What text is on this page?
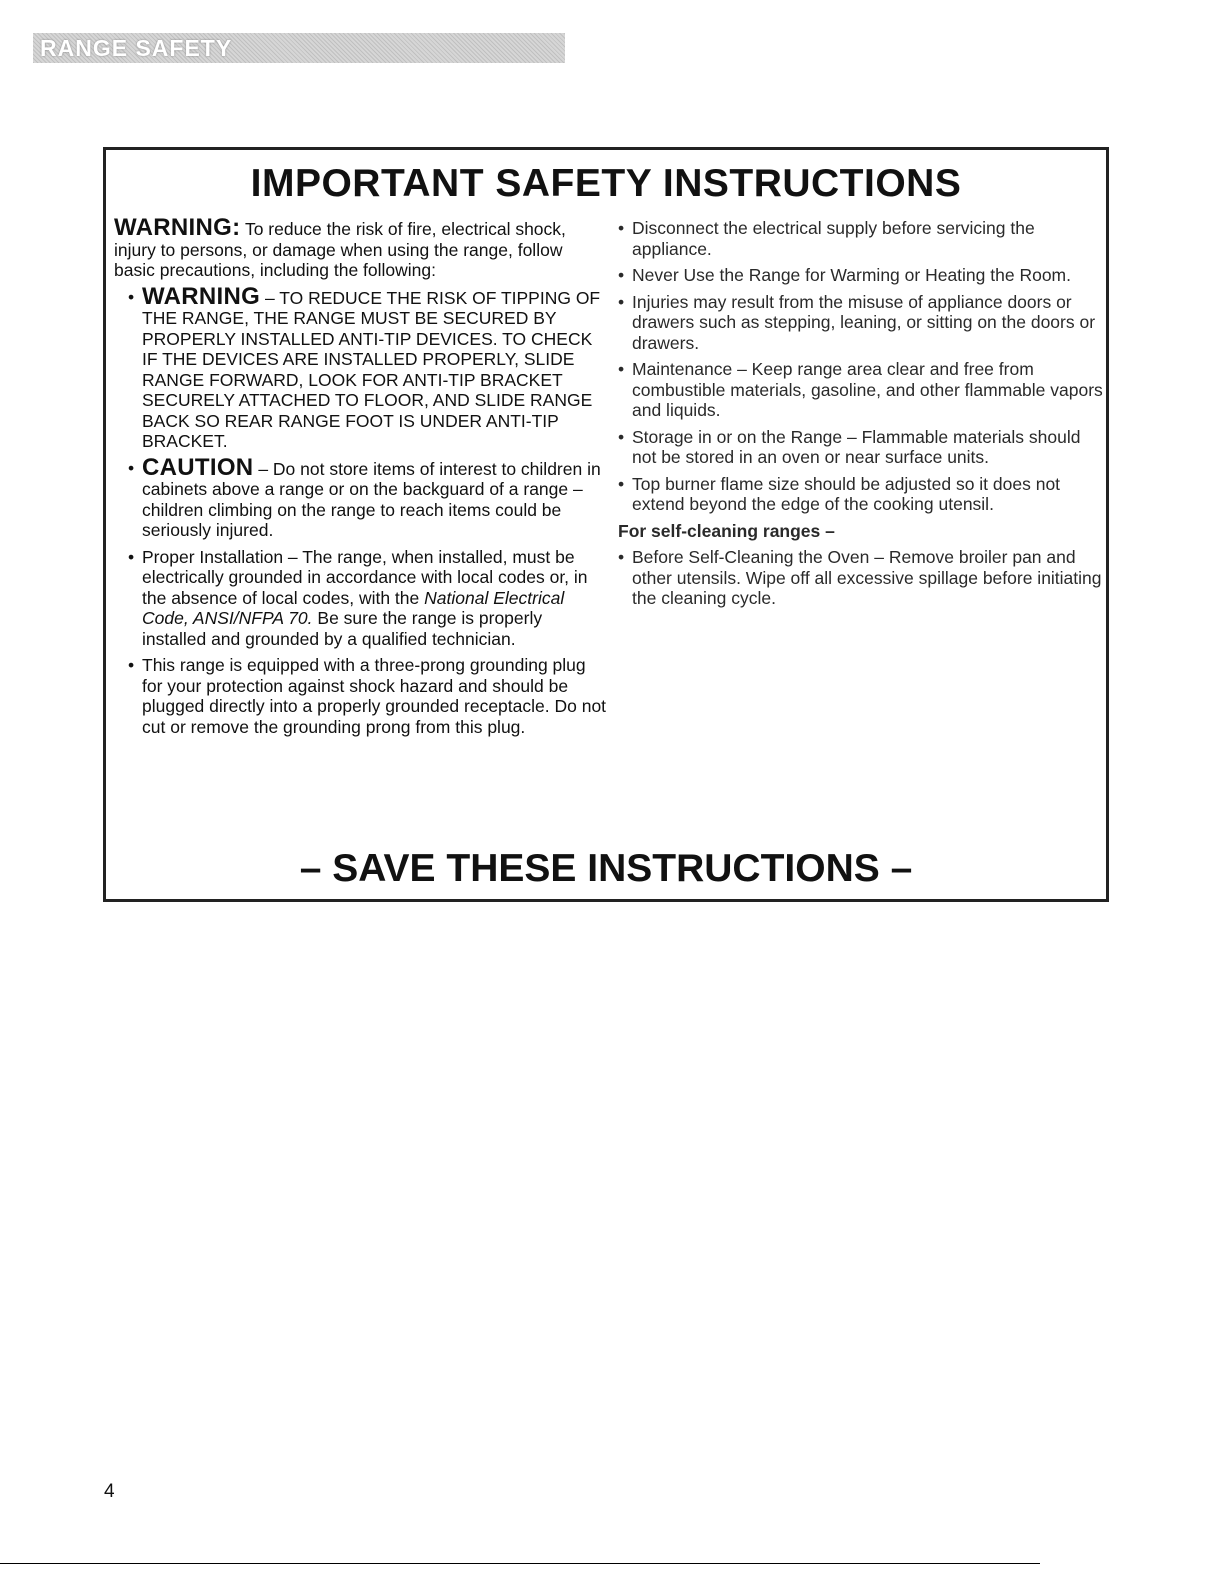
RANGE SAFETY
IMPORTANT SAFETY INSTRUCTIONS

WARNING: To reduce the risk of fire, electrical shock, injury to persons, or damage when using the range, follow basic precautions, including the following:

• WARNING – TO REDUCE THE RISK OF TIPPING OF THE RANGE, THE RANGE MUST BE SECURED BY PROPERLY INSTALLED ANTI-TIP DEVICES. TO CHECK IF THE DEVICES ARE INSTALLED PROPERLY, SLIDE RANGE FORWARD, LOOK FOR ANTI-TIP BRACKET SECURELY ATTACHED TO FLOOR, AND SLIDE RANGE BACK SO REAR RANGE FOOT IS UNDER ANTI-TIP BRACKET.
• CAUTION – Do not store items of interest to children in cabinets above a range or on the backguard of a range – children climbing on the range to reach items could be seriously injured.
• Proper Installation – The range, when installed, must be electrically grounded in accordance with local codes or, in the absence of local codes, with the National Electrical Code, ANSI/NFPA 70. Be sure the range is properly installed and grounded by a qualified technician.
• This range is equipped with a three-prong grounding plug for your protection against shock hazard and should be plugged directly into a properly grounded receptacle. Do not cut or remove the grounding prong from this plug.
• Disconnect the electrical supply before servicing the appliance.
• Never Use the Range for Warming or Heating the Room.
• Injuries may result from the misuse of appliance doors or drawers such as stepping, leaning, or sitting on the doors or drawers.
• Maintenance – Keep range area clear and free from combustible materials, gasoline, and other flammable vapors and liquids.
• Storage in or on the Range – Flammable materials should not be stored in an oven or near surface units.
• Top burner flame size should be adjusted so it does not extend beyond the edge of the cooking utensil.
For self-cleaning ranges –
• Before Self-Cleaning the Oven – Remove broiler pan and other utensils. Wipe off all excessive spillage before initiating the cleaning cycle.
– SAVE THESE INSTRUCTIONS –
4
